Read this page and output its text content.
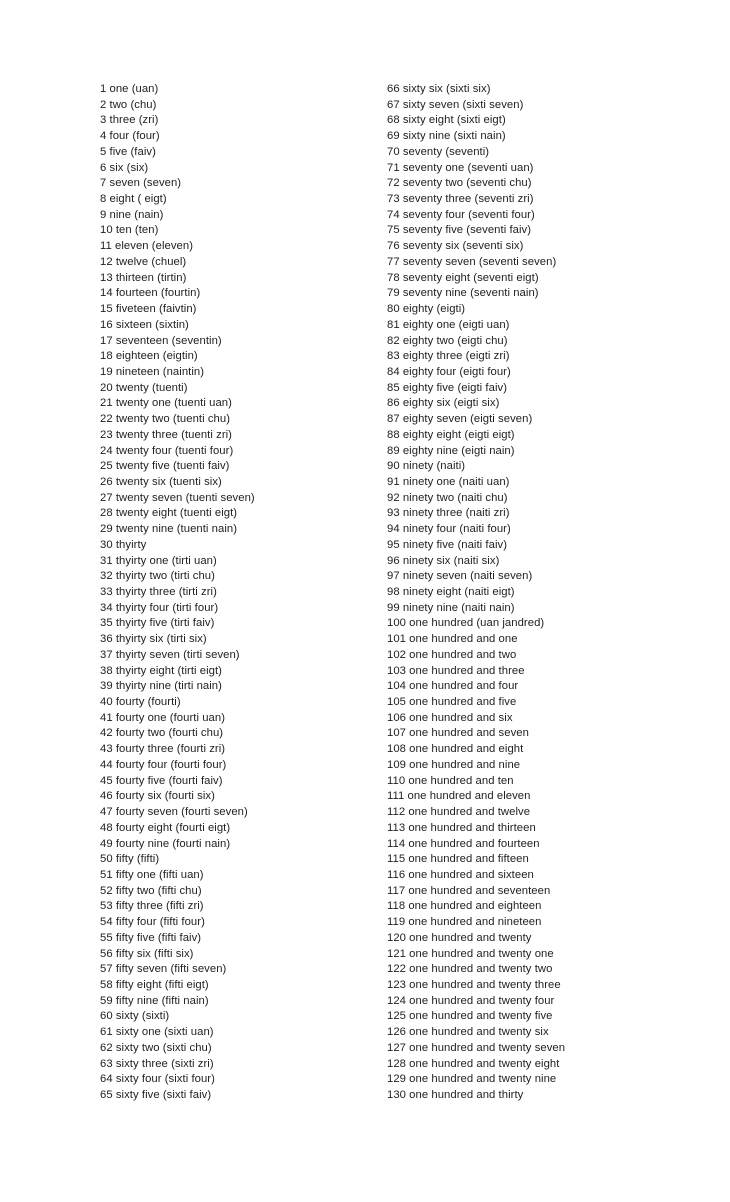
1 one (uan)
2 two (chu)
3 three (zri)
4 four (four)
5 five (faiv)
6 six (six)
7 seven (seven)
8 eight ( eigt)
9 nine (nain)
10 ten (ten)
11 eleven (eleven)
12 twelve (chuel)
13 thirteen (tirtin)
14 fourteen (fourtin)
15 fiveteen (faivtin)
16 sixteen (sixtin)
17 seventeen (seventin)
18 eighteen (eigtin)
19 nineteen (naintin)
20 twenty (tuenti)
21 twenty one (tuenti uan)
22 twenty two (tuenti chu)
23 twenty three (tuenti zri)
24 twenty four (tuenti four)
25 twenty five (tuenti faiv)
26 twenty six (tuenti six)
27 twenty seven (tuenti seven)
28 twenty eight (tuenti eigt)
29 twenty nine (tuenti nain)
30 thyirty
31 thyirty one (tirti uan)
32 thyirty two (tirti chu)
33 thyirty three (tirti zri)
34 thyirty four (tirti four)
35 thyirty five (tirti faiv)
36 thyirty six (tirti six)
37 thyirty seven (tirti seven)
38 thyirty eight (tirti eigt)
39 thyirty nine (tirti nain)
40 fourty (fourti)
41 fourty one (fourti uan)
42 fourty two (fourti chu)
43 fourty three (fourti zri)
44 fourty four (fourti four)
45 fourty five (fourti faiv)
46 fourty six (fourti six)
47 fourty seven (fourti seven)
48 fourty eight (fourti eigt)
49 fourty nine (fourti nain)
50 fifty (fifti)
51 fifty one (fifti uan)
52 fifty two (fifti chu)
53 fifty three (fifti zri)
54 fifty four (fifti four)
55 fifty five (fifti faiv)
56 fifty six (fifti six)
57 fifty seven (fifti seven)
58 fifty eight (fifti eigt)
59 fifty nine (fifti nain)
60 sixty (sixti)
61 sixty one (sixti uan)
62 sixty two (sixti chu)
63 sixty three (sixti zri)
64 sixty four (sixti four)
65 sixty five (sixti faiv)
66 sixty six (sixti six)
67 sixty seven (sixti seven)
68 sixty eight (sixti eigt)
69 sixty nine (sixti nain)
70 seventy (seventi)
71 seventy one (seventi uan)
72 seventy two (seventi chu)
73 seventy three (seventi zri)
74 seventy four (seventi four)
75 seventy five (seventi faiv)
76 seventy six (seventi six)
77 seventy seven (seventi seven)
78 seventy eight (seventi eigt)
79 seventy nine (seventi nain)
80 eighty (eigti)
81 eighty one (eigti uan)
82 eighty two (eigti chu)
83 eighty three (eigti zri)
84 eighty four (eigti four)
85 eighty five (eigti faiv)
86 eighty six (eigti six)
87 eighty seven (eigti seven)
88 eighty eight (eigti eigt)
89 eighty nine (eigti nain)
90 ninety (naiti)
91 ninety one (naiti uan)
92 ninety two (naiti chu)
93 ninety three (naiti zri)
94 ninety four (naiti four)
95 ninety five (naiti faiv)
96 ninety six (naiti six)
97 ninety seven (naiti seven)
98 ninety eight (naiti eigt)
99 ninety nine (naiti nain)
100 one hundred (uan jandred)
101 one hundred and one
102 one hundred and two
103 one hundred and three
104 one hundred and four
105 one hundred and five
106 one hundred and six
107 one hundred and seven
108 one hundred and eight
109 one hundred and nine
110 one hundred and ten
111 one hundred and eleven
112 one hundred and twelve
113 one hundred and thirteen
114 one hundred and fourteen
115 one hundred and fifteen
116 one hundred and sixteen
117 one hundred and seventeen
118 one hundred and eighteen
119 one hundred and nineteen
120 one hundred and twenty
121 one hundred and twenty one
122 one hundred and twenty two
123 one hundred and twenty three
124 one hundred and twenty four
125 one hundred and twenty five
126 one hundred and twenty six
127 one hundred and twenty seven
128 one hundred and twenty eight
129 one hundred and twenty nine
130 one hundred and thirty
